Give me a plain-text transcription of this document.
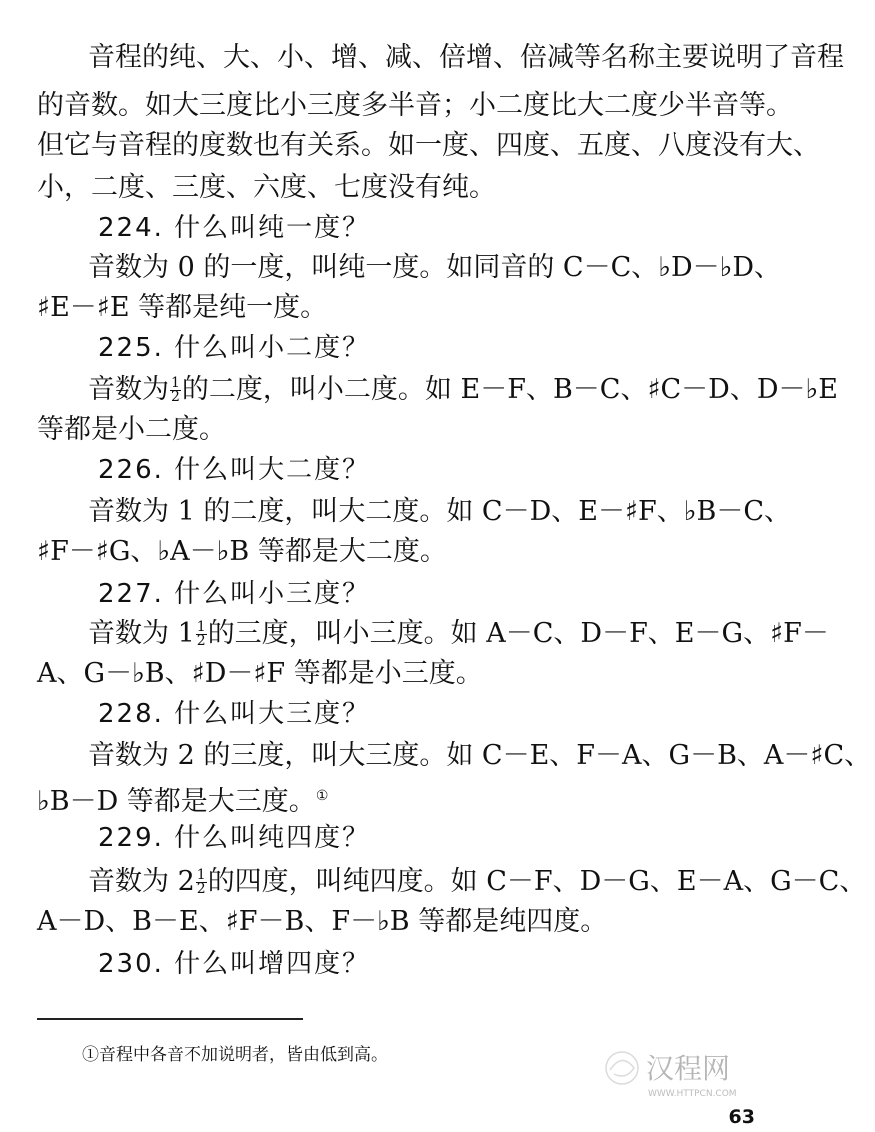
音程的纯、大、小、增、减、倍增、倍减等名称主要说明了音程
的音数。如大三度比小三度多半音；小二度比大二度少半音等。
但它与音程的度数也有关系。如一度、四度、五度、八度没有大、
小，二度、三度、六度、七度没有纯。
224. 什么叫纯一度？
音数为 0 的一度，叫纯一度。如同音的 C－C、♭D－♭D、
♯E－♯E 等都是纯一度。
225. 什么叫小二度？
音数为 $\frac{1}{2}$ 的二度，叫小二度。如 E－F、B－C、♯C－D、D－♭E
等都是小二度。
226. 什么叫大二度？
音数为 1 的二度，叫大二度。如 C－D、E－♯F、♭B－C、
♯F－♯G、♭A－♭B 等都是大二度。
227. 什么叫小三度？
音数为 $1 \frac{1}{2}$ 的三度，叫小三度。如 A－C、D－F、E－G、♯F－
A、G－♭B、♯D－♯F 等都是小三度。
228. 什么叫大三度？
音数为 2 的三度，叫大三度。如 C－E、F－A、G－B、A－♯C、
♭B－D 等都是大三度。①
229. 什么叫纯四度？
音数为 $2 \frac{1}{2}$ 的四度，叫纯四度。如 C－F、D－G、E－A、G－C、
A－D、B－E、♯F－B、F－♭B 等都是纯四度。
230. 什么叫增四度？
①音程中各音不加说明者，皆由低到高。	汉程网
WWW.HTTPCN.COM
63
